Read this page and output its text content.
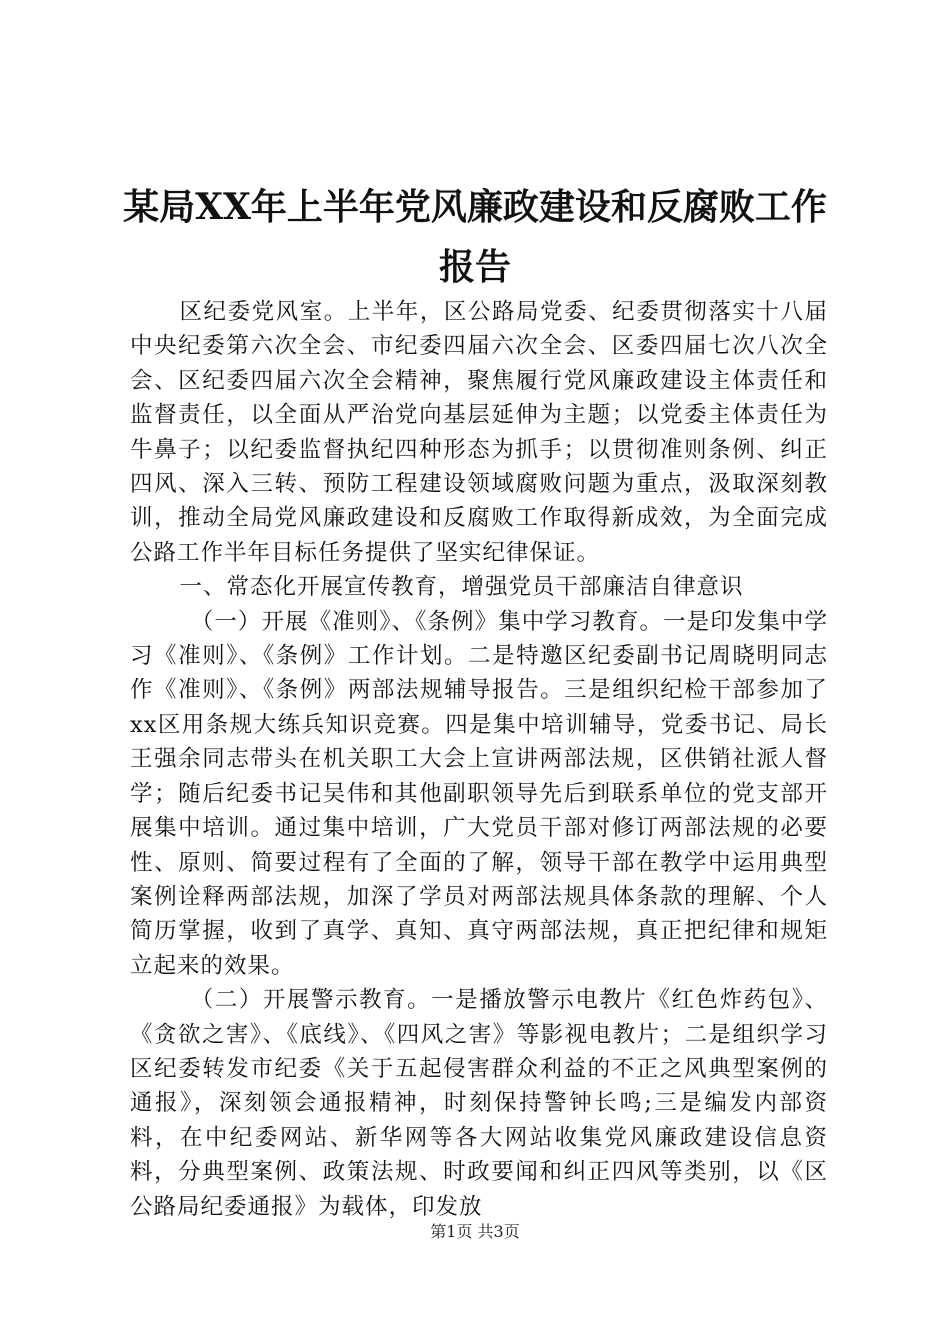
某局XX年上半年党风廉政建设和反腐败工作
报告

区纪委党风室。上半年，区公路局党委、纪委贯彻落实十八届中央纪委第六次全会、市纪委四届六次全会、区委四届七次八次全会、区纪委四届六次全会精神，聚焦履行党风廉政建设主体责任和监督责任，以全面从严治党向基层延伸为主题；以党委主体责任为牛鼻子；以纪委监督执纪四种形态为抓手；以贯彻准则条例、纠正四风、深入三转、预防工程建设领域腐败问题为重点，汲取深刻教训，推动全局党风廉政建设和反腐败工作取得新成效，为全面完成公路工作半年目标任务提供了坚实纪律保证。

一、常态化开展宣传教育，增强党员干部廉洁自律意识

（一）开展《准则》、《条例》集中学习教育。一是印发集中学习《准则》、《条例》工作计划。二是特邀区纪委副书记周晓明同志作《准则》、《条例》两部法规辅导报告。三是组织纪检干部参加了xx区用条规大练兵知识竞赛。四是集中培训辅导，党委书记、局长王强余同志带头在机关职工大会上宣讲两部法规，区供销社派人督学；随后纪委书记吴伟和其他副职领导先后到联系单位的党支部开展集中培训。通过集中培训，广大党员干部对修订两部法规的必要性、原则、简要过程有了全面的了解，领导干部在教学中运用典型案例诠释两部法规，加深了学员对两部法规具体条款的理解、个人简历掌握，收到了真学、真知、真守两部法规，真正把纪律和规矩立起来的效果。

（二）开展警示教育。一是播放警示电教片《红色炸药包》、《贪欲之害》、《底线》、《四风之害》等影视电教片；二是组织学习区纪委转发市纪委《关于五起侵害群众利益的不正之风典型案例的通报》，深刻领会通报精神，时刻保持警钟长鸣;三是编发内部资料，在中纪委网站、新华网等各大网站收集党风廉政建设信息资料，分典型案例、政策法规、时政要闻和纠正四风等类别，以《区公路局纪委通报》为载体，印发放

第1页 共3页
